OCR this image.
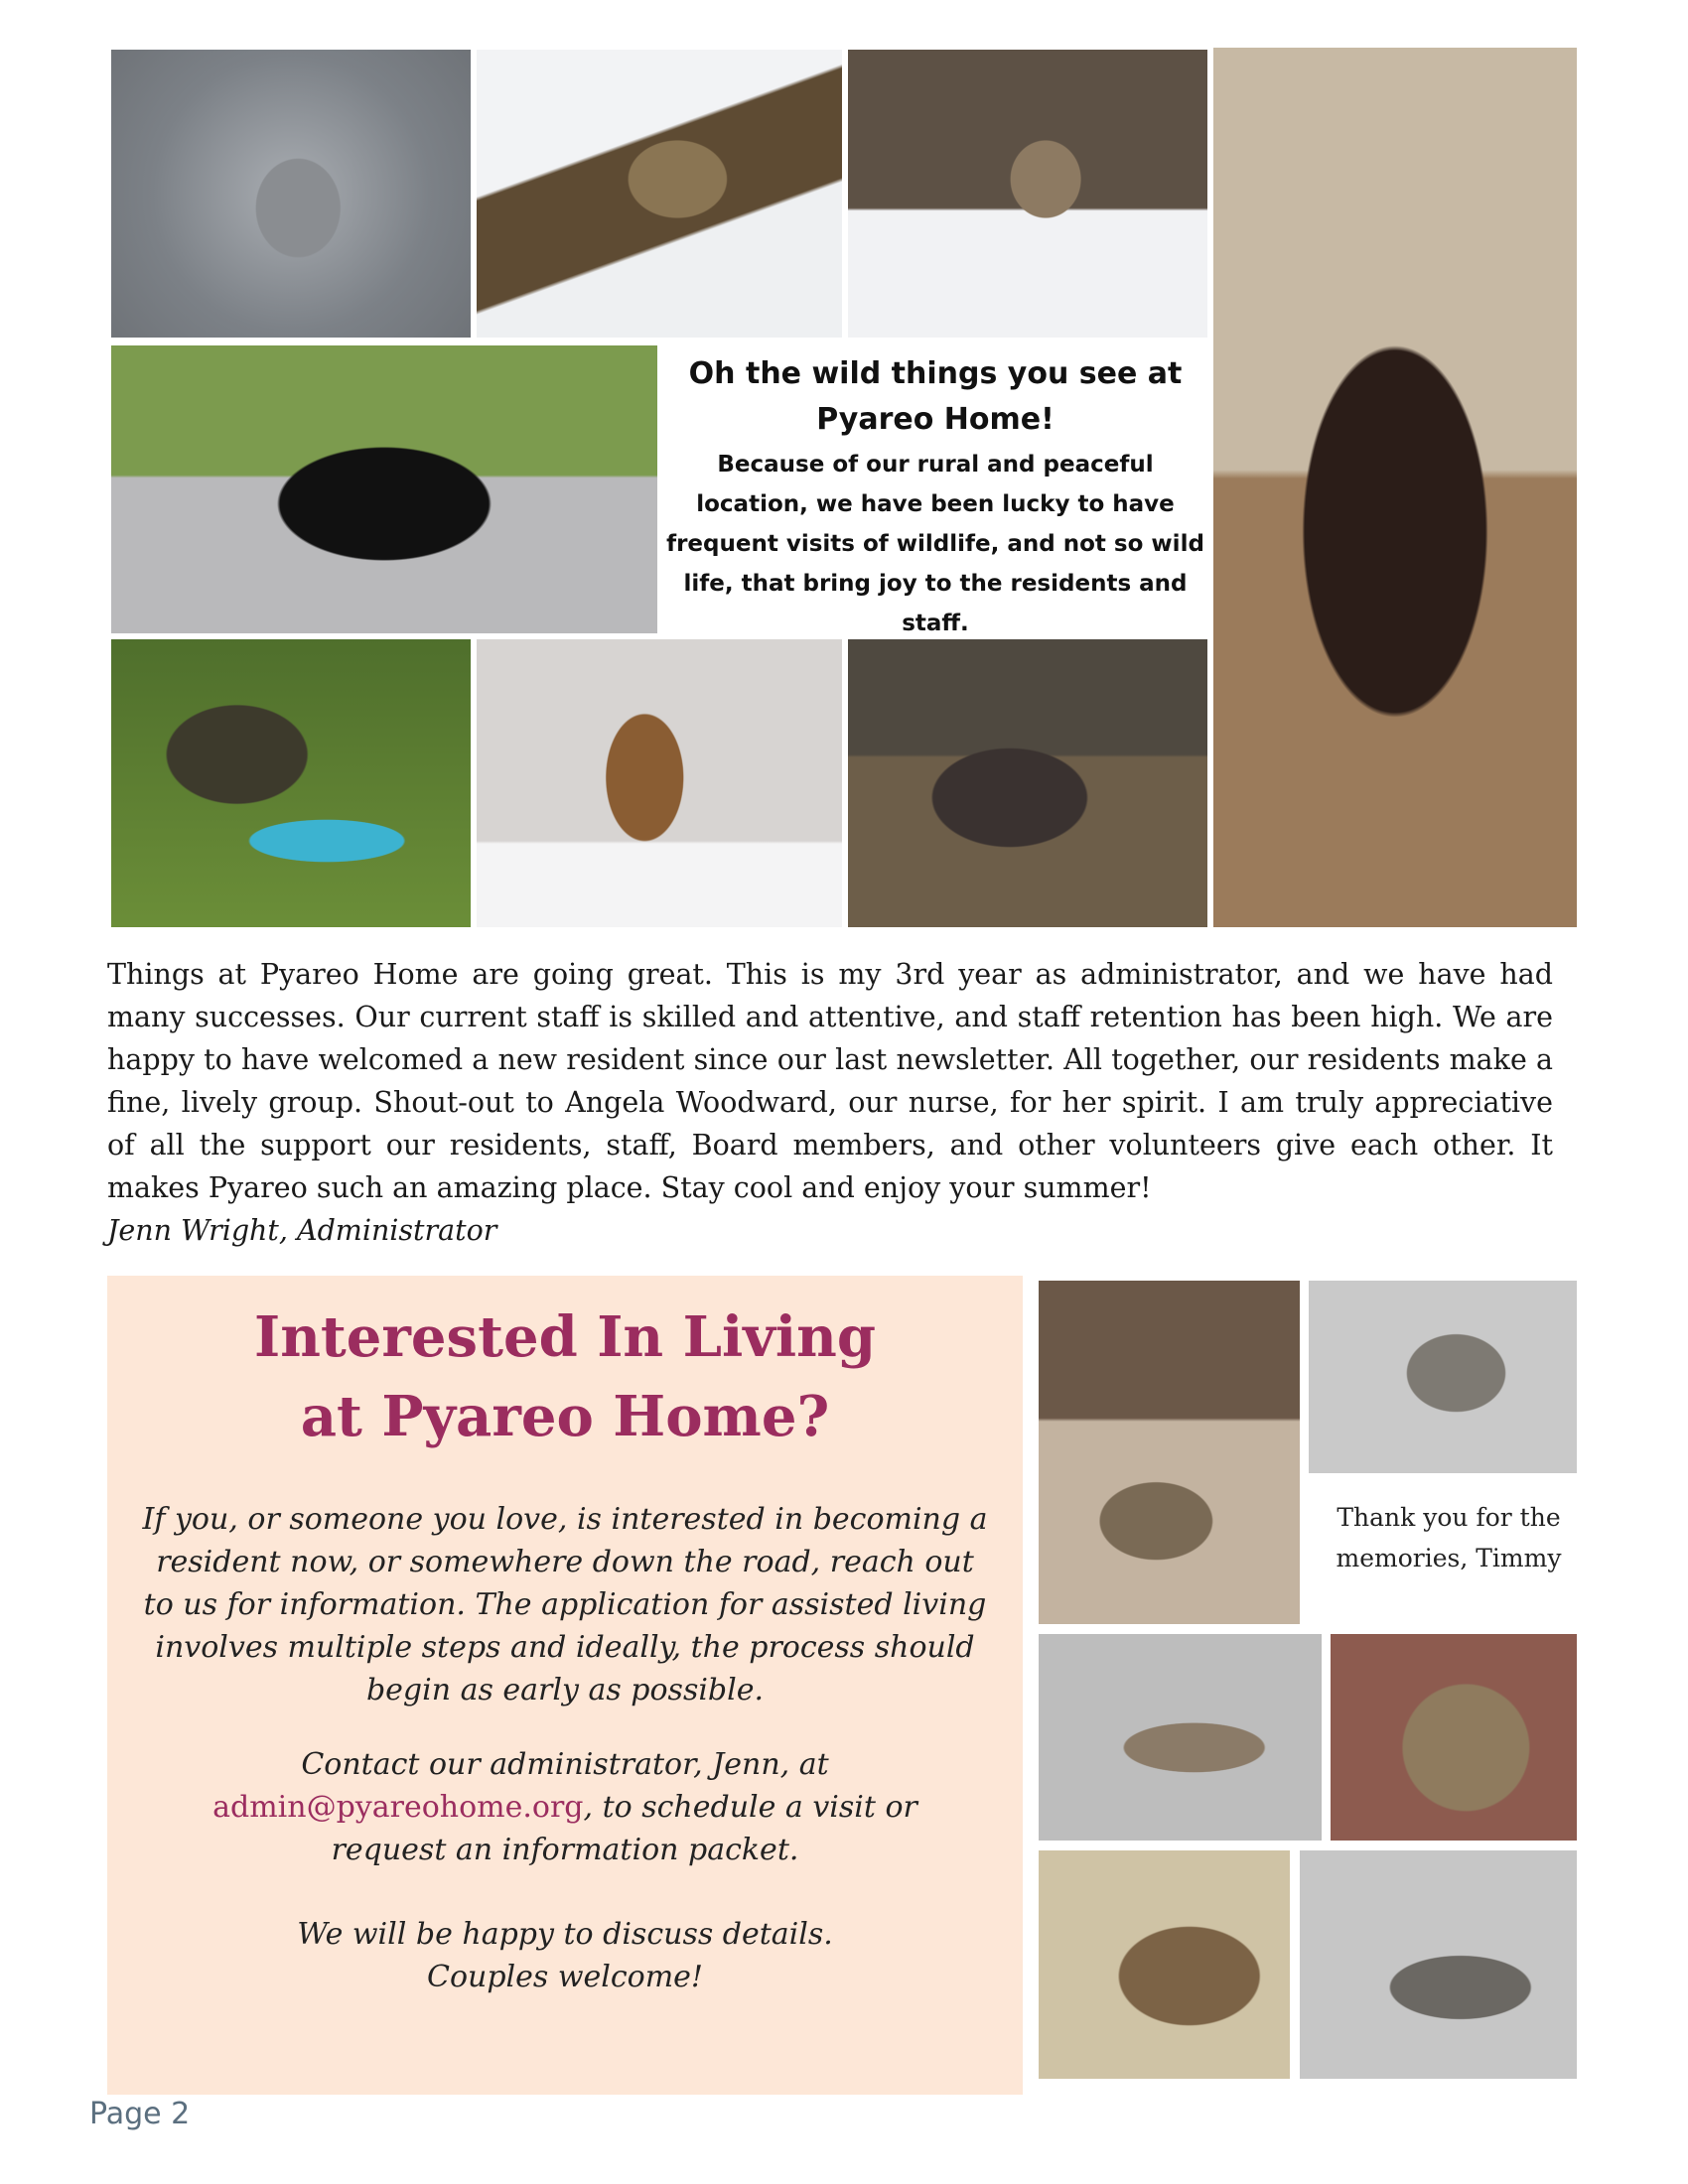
Oh the wild things you see at Pyareo Home!
Because of our rural and peaceful location, we have been lucky to have frequent visits of wildlife, and not so wild life, that bring joy to the residents and staff.
Things at Pyareo Home are going great. This is my 3rd year as administrator, and we have had many successes. Our current staff is skilled and attentive, and staff retention has been high. We are happy to have welcomed a new resident since our last newsletter. All together, our residents make a fine, lively group. Shout-out to Angela Woodward, our nurse, for her spirit. I am truly appreciative of all the support our residents, staff, Board members, and other volunteers give each other. It makes Pyareo such an amazing place. Stay cool and enjoy your summer!
Jenn Wright, Administrator
Interested In Living at Pyareo Home?

If you, or someone you love, is interested in becoming a resident now, or somewhere down the road, reach out to us for information. The application for assisted living involves multiple steps and ideally, the process should begin as early as possible.

Contact our administrator, Jenn, at admin@pyareohome.org, to schedule a visit or request an information packet.

We will be happy to discuss details.
Couples welcome!

Thank you for the memories, Timmy
Page 2
